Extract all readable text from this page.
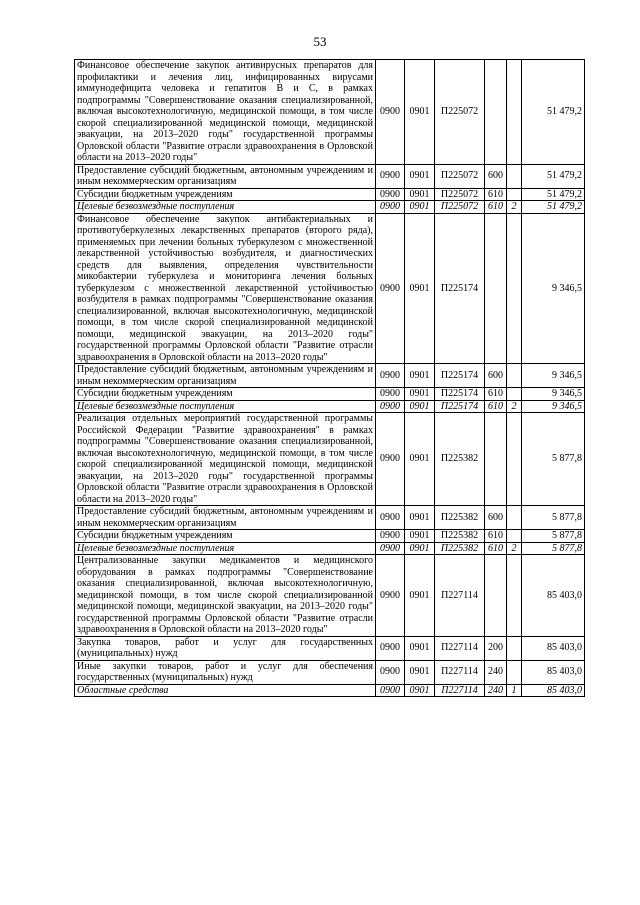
53
Финансовое обеспечение закупок антивирусных препаратов для профилактики и лечения лиц, инфицированных вирусами иммунодефицита человека и гепатитов В и С, в рамках подпрограммы "Совершенствование оказания специализированной, включая высокотехнологичную, медицинской помощи, в том числе скорой специализированной медицинской помощи, медицинской эвакуации, на 2013–2020 годы" государственной программы Орловской области "Развитие отрасли здравоохранения в Орловской области на 2013–2020 годы"	0900	0901	П225072			51 479,2
Предоставление субсидий бюджетным, автономным учреждениям и иным некоммерческим организациям	0900	0901	П225072	600		51 479,2
Субсидии бюджетным учреждениям	0900	0901	П225072	610		51 479,2
Целевые безвозмездные поступления	0900	0901	П225072	610	2	51 479,2
Финансовое обеспечение закупок антибактериальных и противотуберкулезных лекарственных препаратов (второго ряда), применяемых при лечении больных туберкулезом с множественной лекарственной устойчивостью возбудителя, и диагностических средств для выявления, определения чувствительности микобактерии туберкулеза и мониторинга лечения больных туберкулезом с множественной лекарственной устойчивостью возбудителя в рамках подпрограммы "Совершенствование оказания специализированной, включая высокотехнологичную, медицинской помощи, в том числе скорой специализированной медицинской помощи, медицинской эвакуации, на 2013–2020 годы" государственной программы Орловской области "Развитие отрасли здравоохранения в Орловской области на 2013–2020 годы"	0900	0901	П225174			9 346,5
Предоставление субсидий бюджетным, автономным учреждениям и иным некоммерческим организациям	0900	0901	П225174	600		9 346,5
Субсидии бюджетным учреждениям	0900	0901	П225174	610		9 346,5
Целевые безвозмездные поступления	0900	0901	П225174	610	2	9 346,5
Реализация отдельных мероприятий государственной программы Российской Федерации "Развитие здравоохранения" в рамках подпрограммы "Совершенствование оказания специализированной, включая высокотехнологичную, медицинской помощи, в том числе скорой специализированной медицинской помощи, медицинской эвакуации, на 2013–2020 годы" государственной программы Орловской области "Развитие отрасли здравоохранения в Орловской области на 2013–2020 годы"	0900	0901	П225382			5 877,8
Предоставление субсидий бюджетным, автономным учреждениям и иным некоммерческим организациям	0900	0901	П225382	600		5 877,8
Субсидии бюджетным учреждениям	0900	0901	П225382	610		5 877,8
Целевые безвозмездные поступления	0900	0901	П225382	610	2	5 877,8
Централизованные закупки медикаментов и медицинского оборудования в рамках подпрограммы "Совершенствование оказания специализированной, включая высокотехнологичную, медицинской помощи, в том числе скорой специализированной медицинской помощи, медицинской эвакуации, на 2013–2020 годы" государственной программы Орловской области "Развитие отрасли здравоохранения в Орловской области на 2013–2020 годы"	0900	0901	П227114			85 403,0
Закупка товаров, работ и услуг для государственных (муниципальных) нужд	0900	0901	П227114	200		85 403,0
Иные закупки товаров, работ и услуг для обеспечения государственных (муниципальных) нужд	0900	0901	П227114	240		85 403,0
Областные средства	0900	0901	П227114	240	1	85 403,0
